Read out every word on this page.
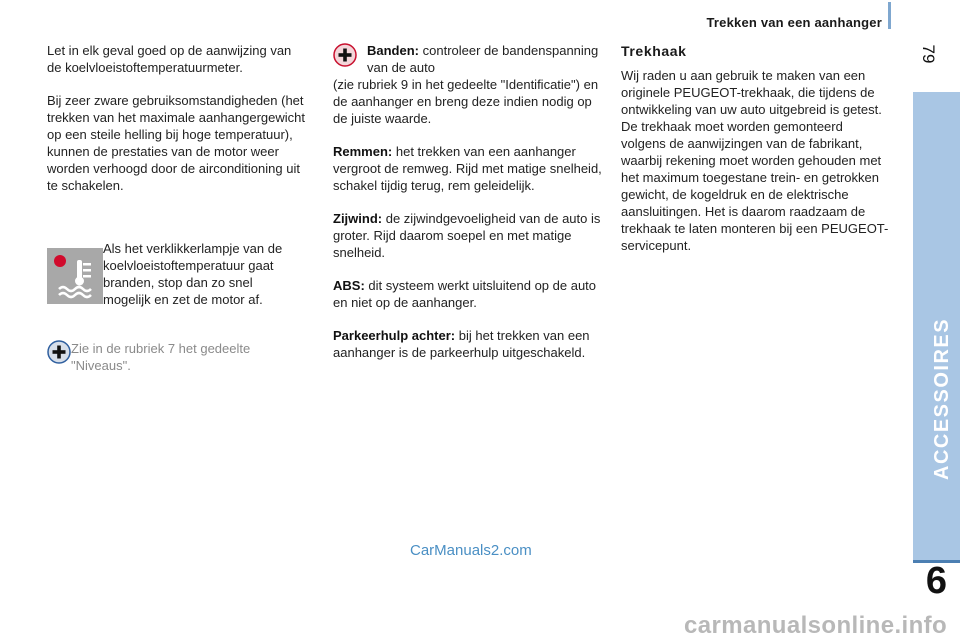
Trekken van een aanhanger
79
ACCESSOIRES
6

Let in elk geval goed op de aanwijzing van de koelvloeistoftemperatuurmeter.

Bij zeer zware gebruiksomstandigheden (het trekken van het maximale aanhangergewicht op een steile helling bij hoge temperatuur), kunnen de prestaties van de motor weer worden verhoogd door de airconditioning uit te schakelen.

Als het verklikkerlampje van de koelvloeistoftemperatuur gaat branden, stop dan zo snel mogelijk en zet de motor af.

Zie in de rubriek 7 het gedeelte "Niveaus".

Banden: controleer de bandenspanning van de auto

(zie rubriek 9 in het gedeelte "Identificatie") en de aanhanger en breng deze indien nodig op de juiste waarde.

Remmen: het trekken van een aanhanger vergroot de remweg. Rijd met matige snelheid, schakel tijdig terug, rem geleidelijk.

Zijwind: de zijwindgevoeligheid van de auto is groter. Rijd daarom soepel en met matige snelheid.

ABS: dit systeem werkt uitsluitend op de auto en niet op de aanhanger.

Parkeerhulp achter: bij het trekken van een aanhanger is de parkeerhulp uitgeschakeld.

Trekhaak

Wij raden u aan gebruik te maken van een originele PEUGEOT-trekhaak, die tijdens de ontwikkeling van uw auto uitgebreid is getest.

De trekhaak moet worden gemonteerd volgens de aanwijzingen van de fabrikant, waarbij rekening moet worden gehouden met het maximum toegestane trein- en getrokken gewicht, de kogeldruk en de elektrische aansluitingen. Het is daarom raadzaam de trekhaak te laten monteren bij een PEUGEOT-servicepunt.

CarManuals2.com
carmanualsonline.info
